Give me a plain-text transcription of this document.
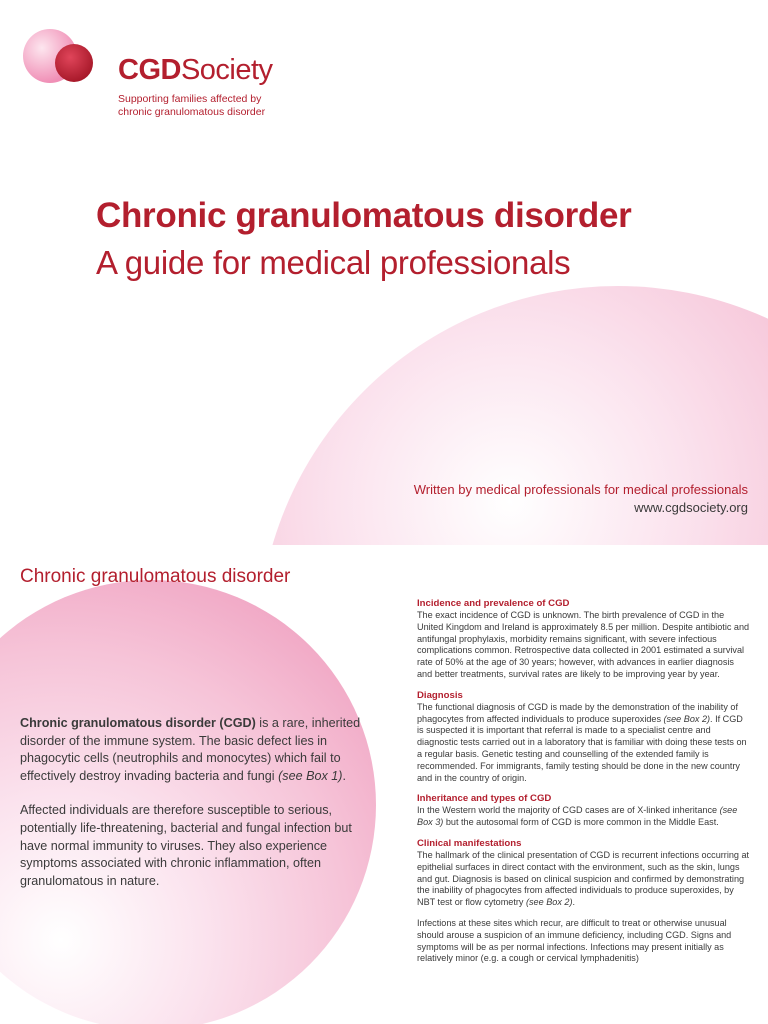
CGDSociety
Supporting families affected by
chronic granulomatous disorder
Chronic granulomatous disorder
A guide for medical professionals
Written by medical professionals for medical professionals
www.cgdsociety.org
Chronic granulomatous disorder

Chronic granulomatous disorder (CGD) is a rare, inherited disorder of the immune system. The basic defect lies in phagocytic cells (neutrophils and monocytes) which fail to effectively destroy invading bacteria and fungi (see Box 1).

Affected individuals are therefore susceptible to serious, potentially life-threatening, bacterial and fungal infection but have normal immunity to viruses. They also experience symptoms associated with chronic inflammation, often granulomatous in nature.

Incidence and prevalence of CGD

The exact incidence of CGD is unknown. The birth prevalence of CGD in the United Kingdom and Ireland is approximately 8.5 per million. Despite antibiotic and antifungal prophylaxis, morbidity remains significant, with severe infectious complications common. Retrospective data collected in 2001 estimated a survival rate of 50% at the age of 30 years; however, with advances in earlier diagnosis and better treatments, survival rates are likely to be improving year by year.

Diagnosis

The functional diagnosis of CGD is made by the demonstration of the inability of phagocytes from affected individuals to produce superoxides (see Box 2). If CGD is suspected it is important that referral is made to a specialist centre and diagnostic tests carried out in a laboratory that is familiar with doing these tests on a regular basis. Genetic testing and counselling of the extended family is recommended. For immigrants, family testing should be done in the new country and in the country of origin.

Inheritance and types of CGD

In the Western world the majority of CGD cases are of X-linked inheritance (see Box 3) but the autosomal form of CGD is more common in the Middle East.

Clinical manifestations

The hallmark of the clinical presentation of CGD is recurrent infections occurring at epithelial surfaces in direct contact with the environment, such as the skin, lungs and gut. Diagnosis is based on clinical suspicion and confirmed by demonstrating the inability of phagocytes from affected individuals to produce superoxides, by NBT test or flow cytometry (see Box 2).

Infections at these sites which recur, are difficult to treat or otherwise unusual should arouse a suspicion of an immune deficiency, including CGD. Signs and symptoms will be as per normal infections. Infections may present initially as relatively minor (e.g. a cough or cervical lymphadenitis)
